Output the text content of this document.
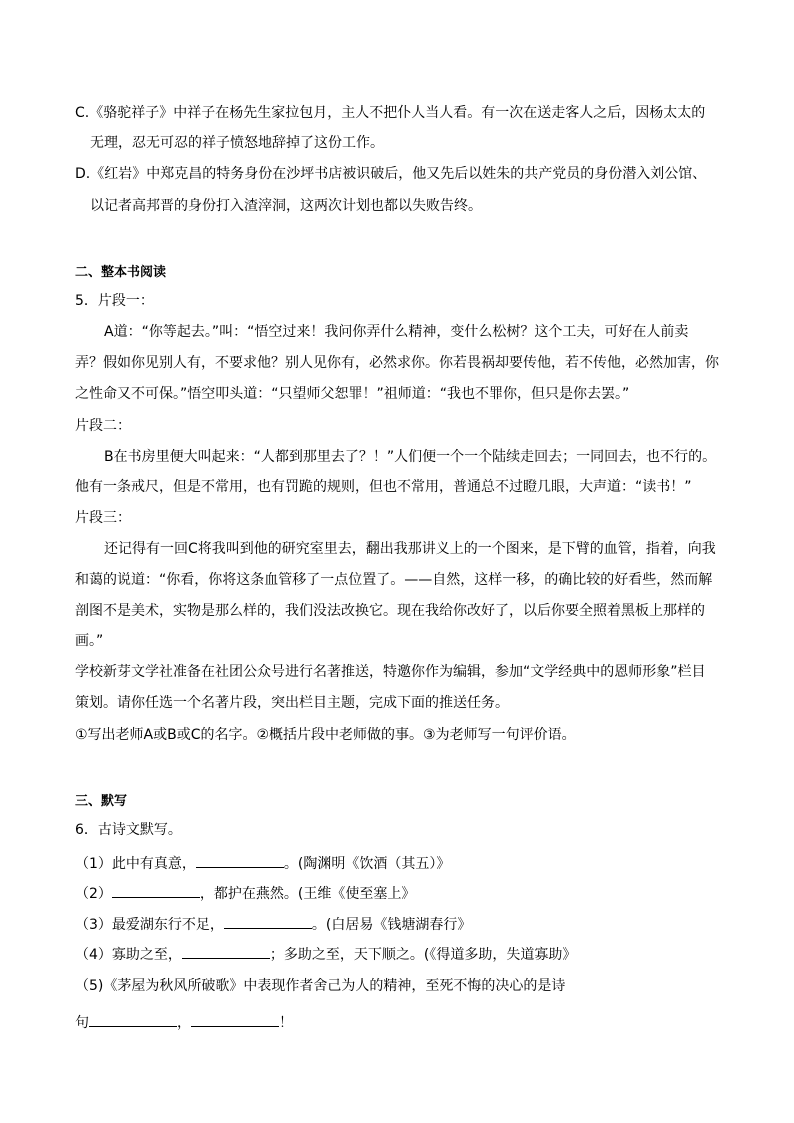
C.《骆驼祥子》中祥子在杨先生家拉包月，主人不把仆人当人看。有一次在送走客人之后，因杨太太的
无理，忍无可忍的祥子愤怒地辞掉了这份工作。
D.《红岩》中郑克昌的特务身份在沙坪书店被识破后，他又先后以姓朱的共产党员的身份潜入刘公馆、
以记者高邦晋的身份打入渣滓洞，这两次计划也都以失败告终。
二、整本书阅读
5．片段一：
A道：“你等起去。”叫：“悟空过来！我问你弄什么精神，变什么松树？这个工夫，可好在人前卖
弄？假如你见别人有，不要求他？别人见你有，必然求你。你若畏祸却要传他，若不传他，必然加害，你
之性命又不可保。”悟空叩头道：“只望师父恕罪！”祖师道：“我也不罪你，但只是你去罢。”
片段二：
B在书房里便大叫起来：“人都到那里去了？！”人们便一个一个陆续走回去；一同回去，也不行的。
他有一条戒尺，但是不常用，也有罚跪的规则，但也不常用，普通总不过瞪几眼，大声道：“读书！”
片段三：
还记得有一回C将我叫到他的研究室里去，翻出我那讲义上的一个图来，是下臂的血管，指着，向我
和蔼的说道：“你看，你将这条血管移了一点位置了。——自然，这样一移，的确比较的好看些，然而解
剖图不是美术，实物是那么样的，我们没法改换它。现在我给你改好了，以后你要全照着黑板上那样的
画。”
学校新芽文学社准备在社团公众号进行名著推送，特邀你作为编辑，参加“文学经典中的恩师形象”栏目
策划。请你任选一个名著片段，突出栏目主题，完成下面的推送任务。
①写出老师A或B或C的名字。②概括片段中老师做的事。③为老师写一句评价语。
三、默写
6．古诗文默写。
（1）此中有真意，	。(陶渊明《饮酒（其五）》
（2）	，都护在燕然。(王维《使至塞上》
（3）最爱湖东行不足，	。(白居易《钱塘湖春行》
（4）寡助之至，	；多助之至，天下顺之。(《得道多助，失道寡助》
（5)《茅屋为秋风所破歌》中表现作者舍己为人的精神，至死不悔的决心的是诗
句	，	！
